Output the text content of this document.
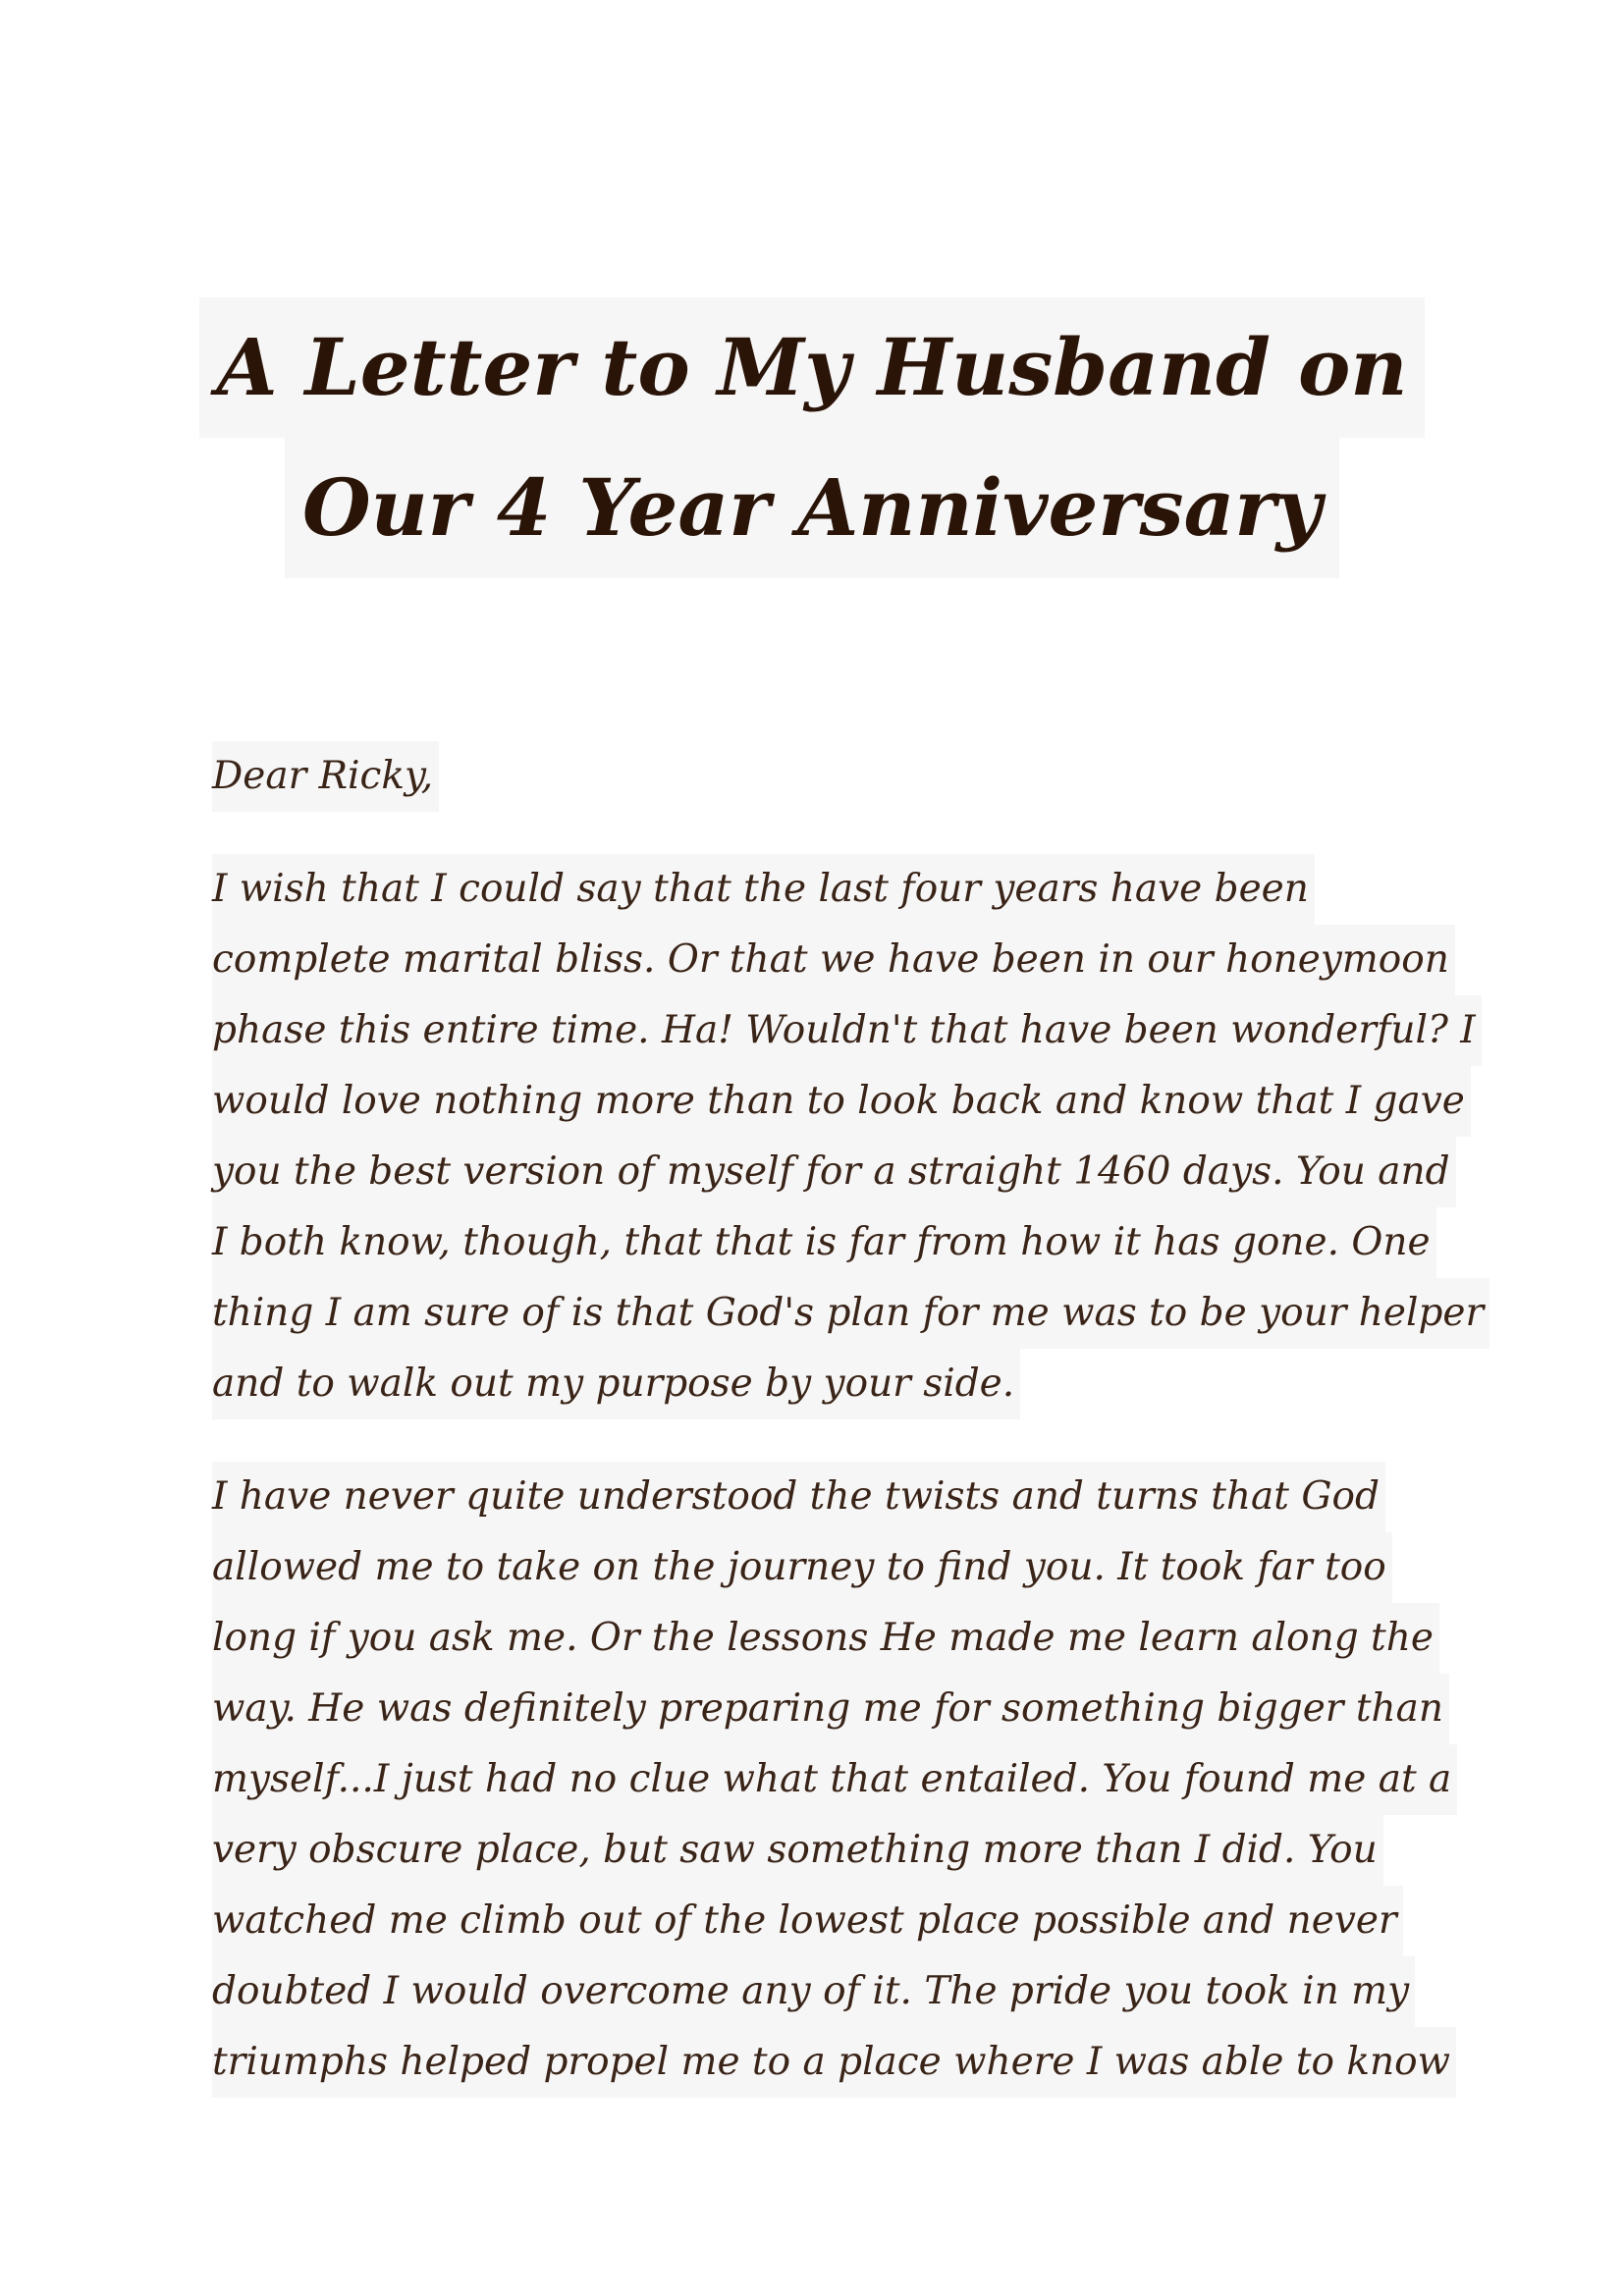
A Letter to My Husband on
Our 4 Year Anniversary
Dear Ricky,
I wish that I could say that the last four years have been
complete marital bliss. Or that we have been in our honeymoon
phase this entire time. Ha! Wouldn't that have been wonderful? I
would love nothing more than to look back and know that I gave
you the best version of myself for a straight 1460 days. You and
I both know, though, that that is far from how it has gone. One
thing I am sure of is that God's plan for me was to be your helper
and to walk out my purpose by your side.
I have never quite understood the twists and turns that God
allowed me to take on the journey to find you. It took far too
long if you ask me. Or the lessons He made me learn along the
way. He was definitely preparing me for something bigger than
myself...I just had no clue what that entailed. You found me at a
very obscure place, but saw something more than I did. You
watched me climb out of the lowest place possible and never
doubted I would overcome any of it. The pride you took in my
triumphs helped propel me to a place where I was able to know
